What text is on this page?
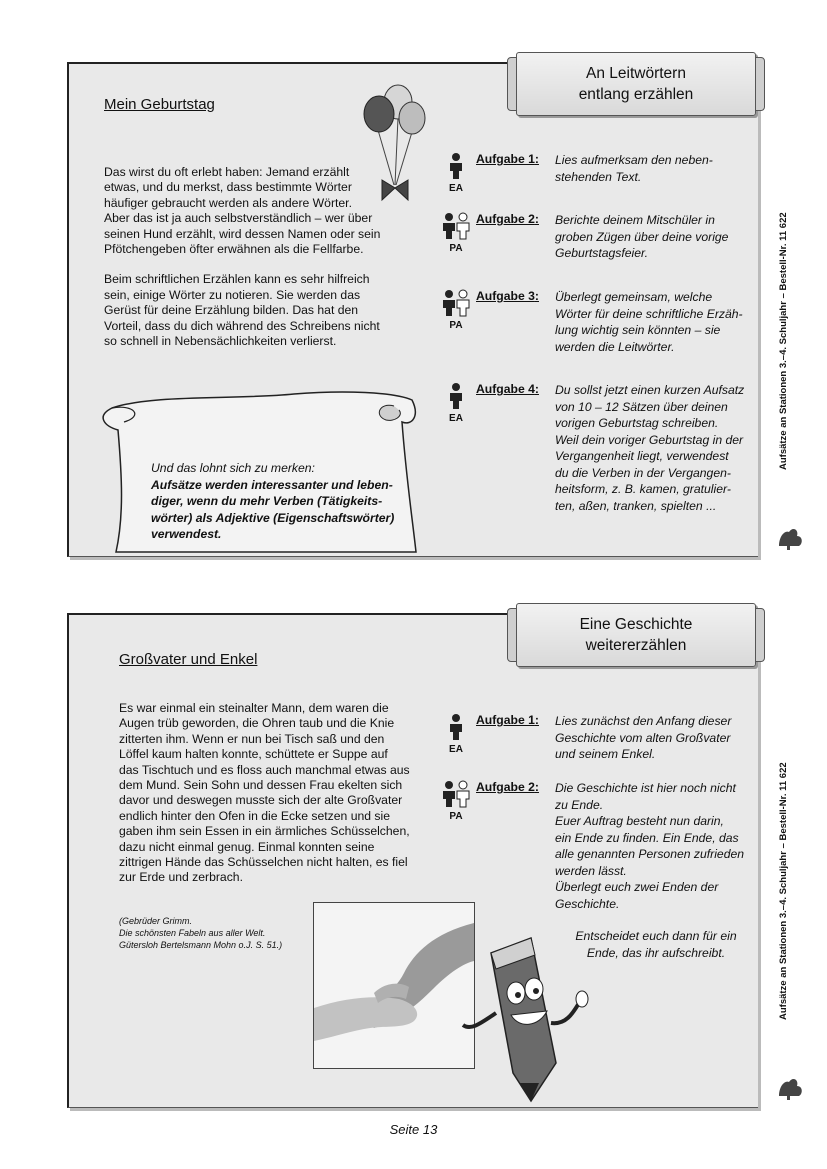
An Leitwörtern
entlang erzählen
Mein Geburtstag

Das wirst du oft erlebt haben: Jemand erzählt
etwas, und du merkst, dass bestimmte Wörter
häufiger gebraucht werden als andere Wörter.
Aber das ist ja auch selbstverständlich – wer über
seinen Hund erzählt, wird dessen Namen oder sein
Pfötchengeben öfter erwähnen als die Fellfarbe.

Beim schriftlichen Erzählen kann es sehr hilfreich
sein, einige Wörter zu notieren. Sie werden das
Gerüst für deine Erzählung bilden. Das hat den
Vorteil, dass du dich während des Schreibens nicht
so schnell in Nebensächlichkeiten verlierst.

Und das lohnt sich zu merken:
Aufsätze werden interessanter und leben-
diger, wenn du mehr Verben (Tätigkeits-
wörter) als Adjektive (Eigenschaftswörter)
verwendest.
EA
Aufgabe 1: Lies aufmerksam den neben-
stehenden Text.
PA
Aufgabe 2: Berichte deinem Mitschüler in
groben Zügen über deine vorige
Geburtstagsfeier.
PA
Aufgabe 3: Überlegt gemeinsam, welche
Wörter für deine schriftliche Erzäh-
lung wichtig sein könnten – sie
werden die Leitwörter.
EA
Aufgabe 4: Du sollst jetzt einen kurzen Aufsatz
von 10 – 12 Sätzen über deinen
vorigen Geburtstag schreiben.
Weil dein voriger Geburtstag in der
Vergangenheit liegt, verwendest
du die Verben in der Vergangen-
heitsform, z. B. kamen, gratulier-
ten, aßen, tranken, spielten ...
Aufsätze an Stationen 3.–4. Schuljahr – Bestell-Nr. 11 622
Eine Geschichte
weitererzählen
Großvater und Enkel
Es war einmal ein steinalter Mann, dem waren die
Augen trüb geworden, die Ohren taub und die Knie
zitterten ihm. Wenn er nun bei Tisch saß und den
Löffel kaum halten konnte, schüttete er Suppe auf
das Tischtuch und es floss auch manchmal etwas aus
dem Mund. Sein Sohn und dessen Frau ekelten sich
davor und deswegen musste sich der alte Großvater
endlich hinter den Ofen in die Ecke setzen und sie
gaben ihm sein Essen in ein ärmliches Schüsselchen,
dazu nicht einmal genug. Einmal konnten seine
zittrigen Hände das Schüsselchen nicht halten, es fiel
zur Erde und zerbrach.
(Gebrüder Grimm.
Die schönsten Fabeln aus aller Welt.
Gütersloh Bertelsmann Mohn o.J. S. 51.)
EA
Aufgabe 1: Lies zunächst den Anfang dieser
Geschichte vom alten Großvater
und seinem Enkel.
PA
Aufgabe 2: Die Geschichte ist hier noch nicht
zu Ende.
Euer Auftrag besteht nun darin,
ein Ende zu finden. Ein Ende, das
alle genannten Personen zufrieden
werden lässt.
Überlegt euch zwei Enden der
Geschichte.
Entscheidet euch dann für ein
Ende, das ihr aufschreibt.	Aufsätze an Stationen 3.–4. Schuljahr – Bestell-Nr. 11 622
Seite 13
